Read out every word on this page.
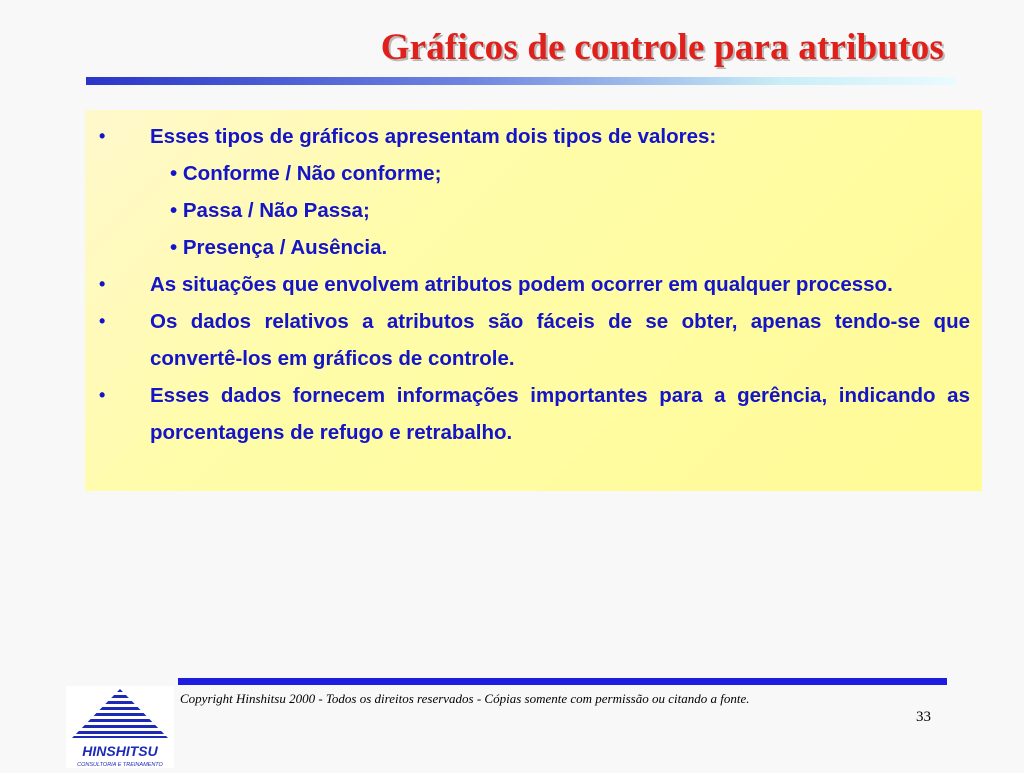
Gráficos de controle para atributos
• Esses tipos de gráficos apresentam dois tipos de valores:
• Conforme / Não conforme;
• Passa / Não Passa;
• Presença / Ausência.
• As situações que envolvem atributos podem ocorrer em qualquer processo.
• Os dados relativos a atributos são fáceis de se obter, apenas tendo-se que convertê-los em gráficos de controle.
• Esses dados fornecem informações importantes para a gerência, indicando as porcentagens de refugo e retrabalho.
HINSHITSU
CONSULTORIA E TREINAMENTO
Copyright Hinshitsu 2000 - Todos os direitos reservados - Cópias somente com permissão ou citando a fonte.
33
